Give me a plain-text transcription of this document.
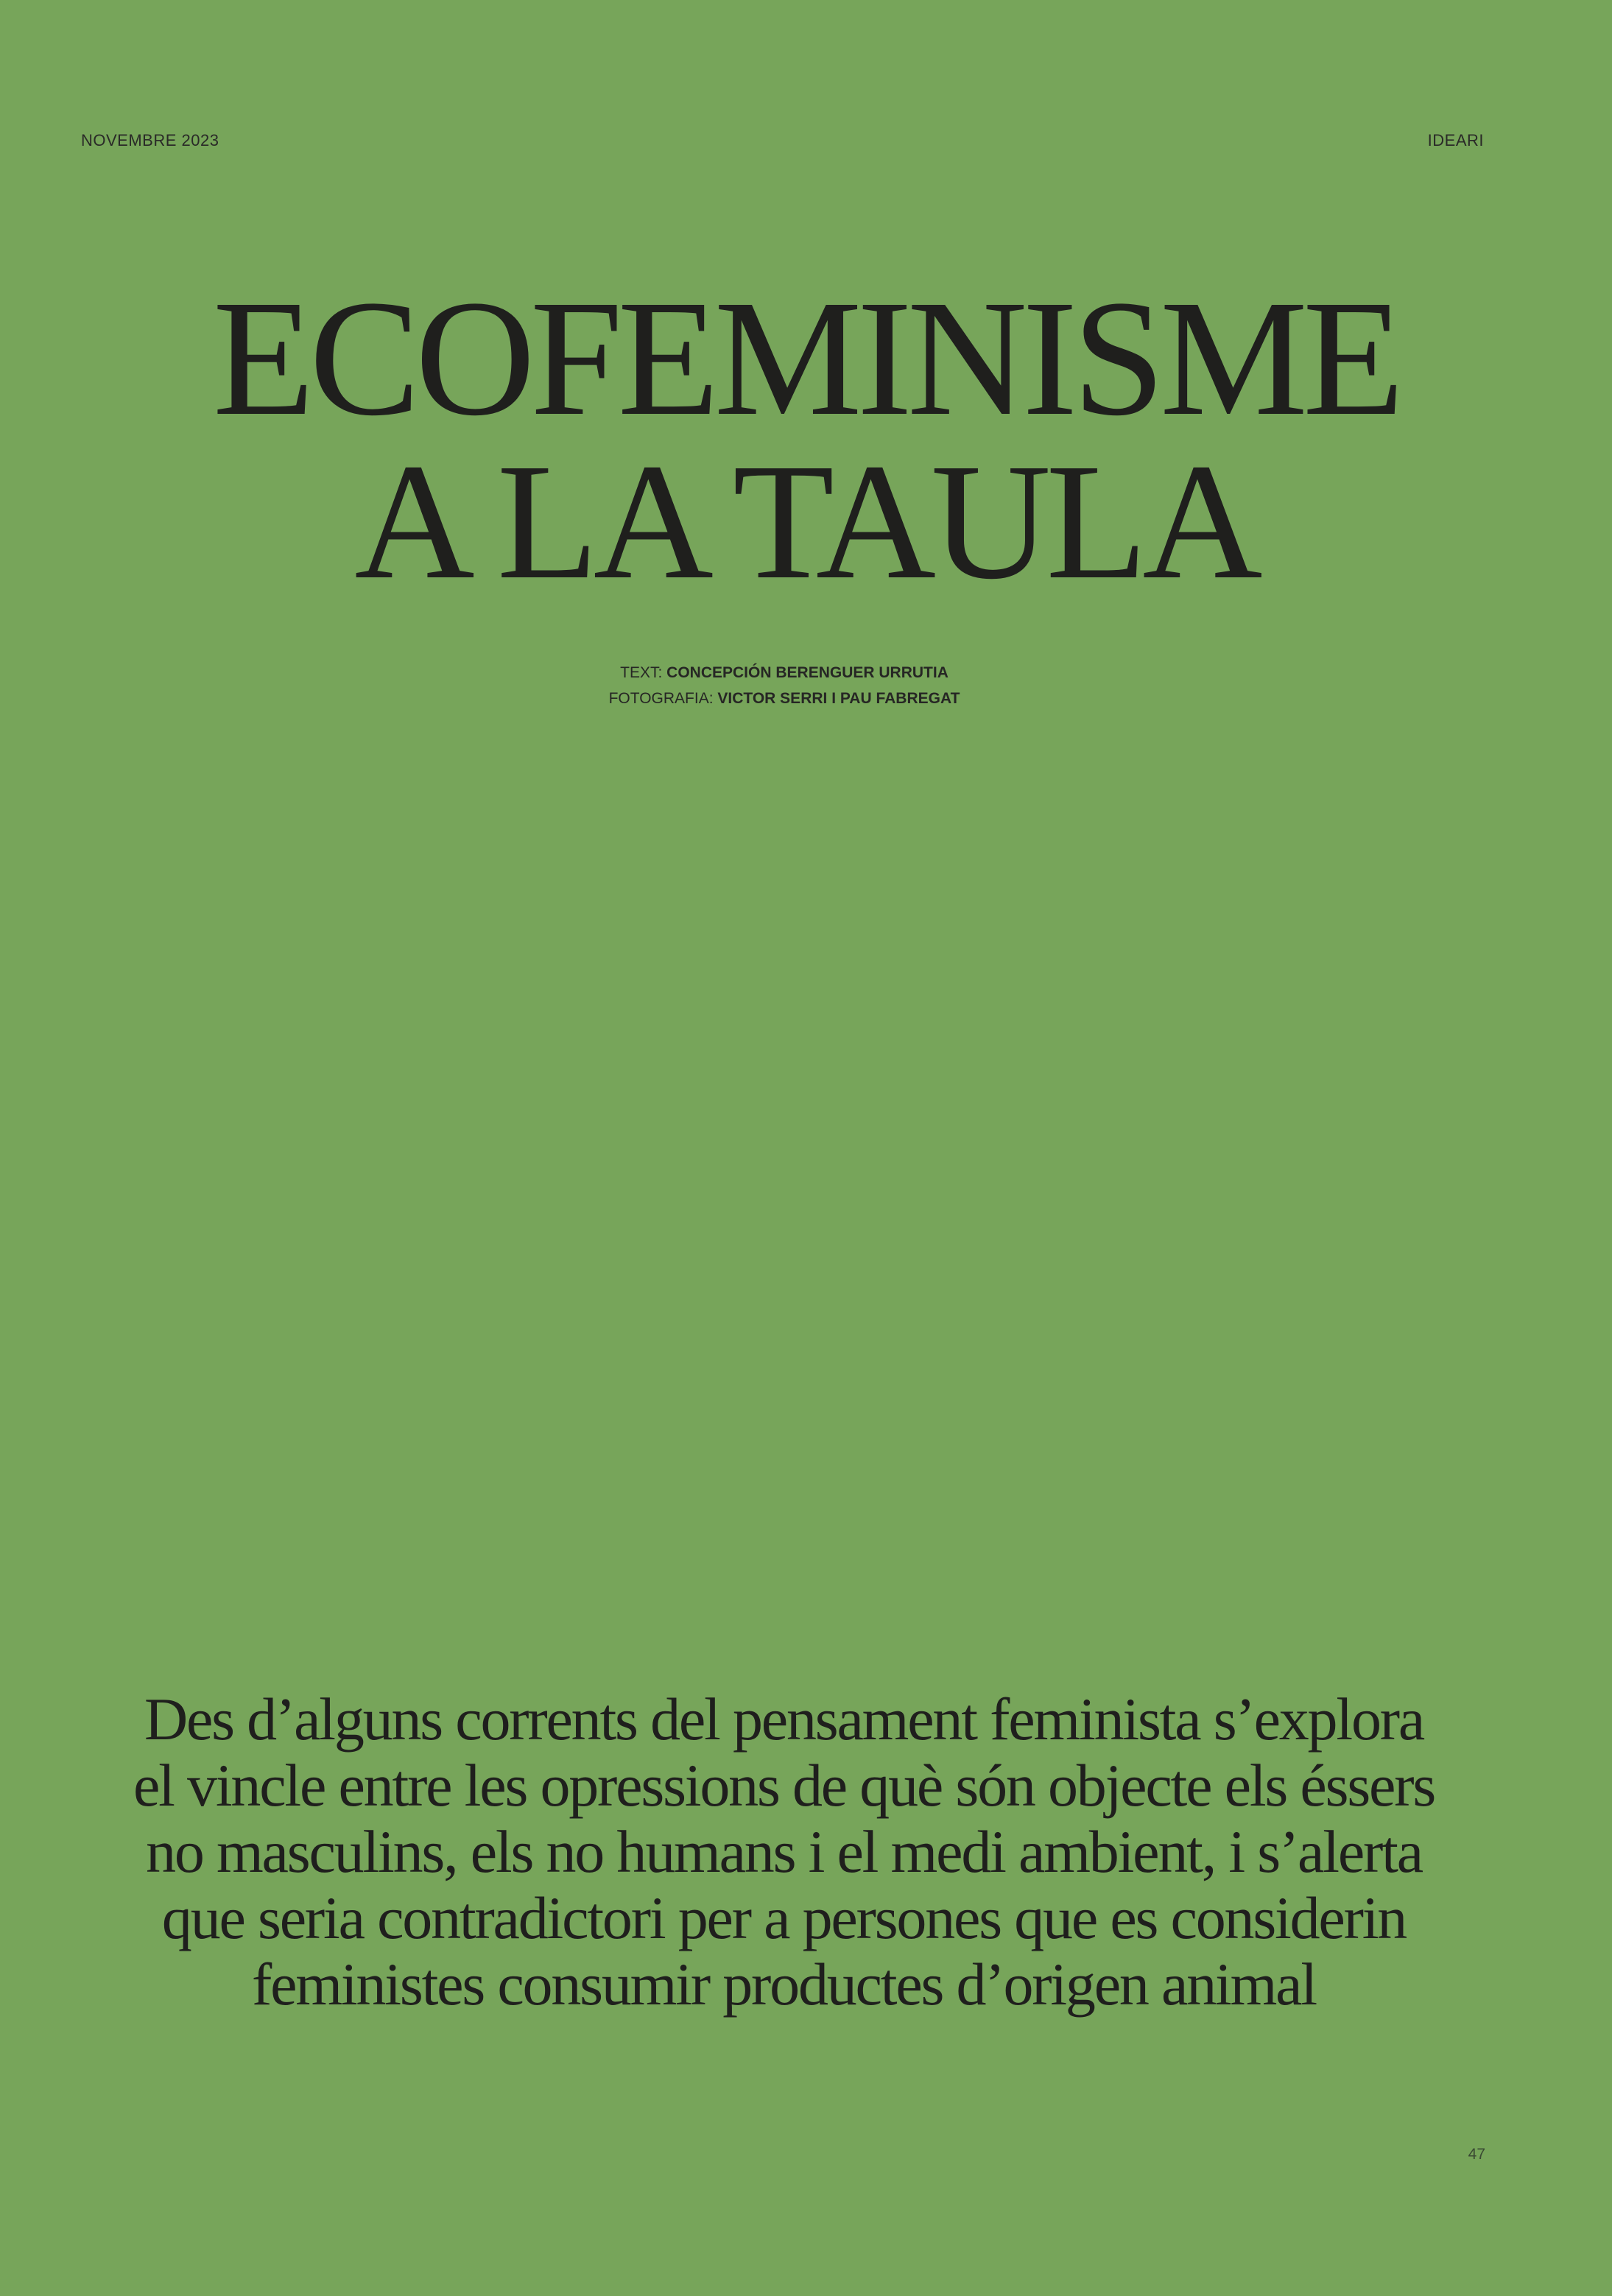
NOVEMBRE 2023	IDEARI
ECOFEMINISME
A LA TAULA
TEXT: CONCEPCIÓN BERENGUER URRUTIA
FOTOGRAFIA: VICTOR SERRI I PAU FABREGAT

Des d’alguns corrents del pensament feminista s’explora
el vincle entre les opressions de què són objecte els éssers
no masculins, els no humans i el medi ambient, i s’alerta
que seria contradictori per a persones que es considerin
feministes consumir productes d’origen animal

47
